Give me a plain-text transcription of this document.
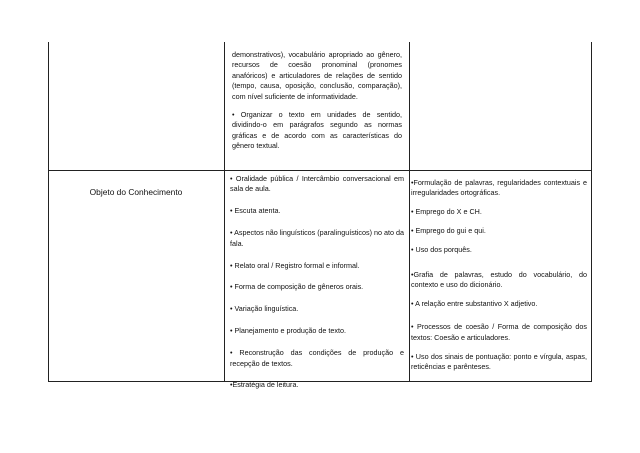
demonstrativos), vocabulário apropriado ao gênero, recursos de coesão pronominal (pronomes anafóricos) e articuladores de relações de sentido (tempo, causa, oposição, conclusão, comparação), com nível suficiente de informatividade.

• Organizar o texto em unidades de sentido, dividindo-o em parágrafos segundo as normas gráficas e de acordo com as características do gênero textual.

Objeto do Conhecimento

• Oralidade pública / Intercâmbio conversacional em sala de aula.

• Escuta atenta.

• Aspectos não linguísticos (paralinguísticos) no ato da fala.

• Relato oral / Registro formal e informal.

• Forma de composição de gêneros orais.

• Variação linguística.

• Planejamento e produção de texto.

• Reconstrução das condições de produção e recepção de textos.

•Estratégia de leitura.

•Formulação de palavras, regularidades contextuais e irregularidades ortográficas.

• Emprego do X e CH.

• Emprego do gui e qui.

• Uso dos porquês.

•Grafia de palavras, estudo do vocabulário, do contexto e uso do dicionário.

• A relação entre substantivo X adjetivo.

• Processos de coesão / Forma de composição dos textos: Coesão e articuladores.

• Uso dos sinais de pontuação: ponto e vírgula, aspas, reticências e parênteses.
